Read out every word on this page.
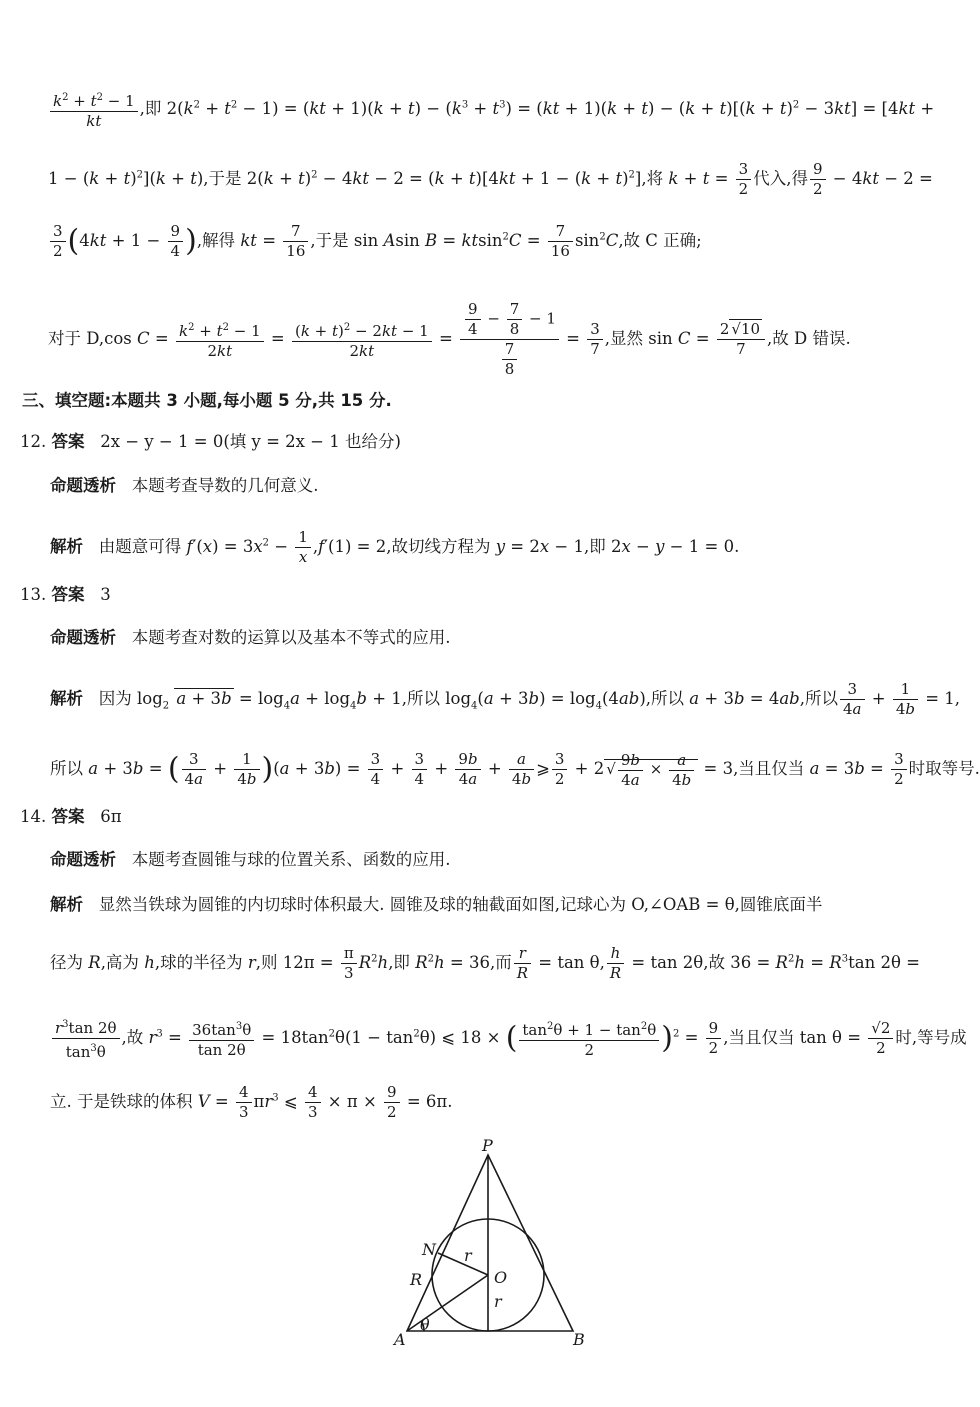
$\frac{k^2 + t^2 - 1}{kt}$ ,即 $2(k^2 + t^2 - 1) = (kt + 1)(k + t) - (k^3 + t^3) = (kt + 1)(k + t) - (k + t)[(k + t)^2 - 3kt] = [4kt$ +
$1 - (k + t)^2](k + t)$,于是 $2(k + t)^2 - 4kt - 2 = (k + t)[4kt + 1 - (k + t)^2]$,将 $k + t = \frac{3}{2}$ 代入,得 $\frac{9}{2} - 4kt - 2$ =
$\frac{3}{2} (4kt + 1 - \frac{9}{4}$ ),解得 kt = $\frac{7}{16}$ ,于是 sin Asin $B = ktsin^2C = \frac{7}{16} \sin^2C$,故 C 正确;
对于 D,cos $C = \frac{k^2 + t^2 - 1}{2kt} = \frac{(k + t)^2 - 2kt - 1}{2kt} = \frac{\frac{9}{4} - \frac{7}{8} - 1}{\frac{7}{8}} = \frac{3}{7}$ ,显然 $\sin C = \frac{2 √10}{7}$ ,故 D 错误.
三、填空题:本题共 3 小题,每小题 5 分,共 15 分.
12. 答案 2x − y − 1 = 0(填 y = 2x − 1 也给分)
命题透析 本题考查导数的几何意义.
解析   由题意可得 $f'(x) = 3x^2 - \frac{1}{x} ,f'(1) = 2$,故切线方程为 y = 2x − 1,即 2x − y − 1 = 0.
13. 答案 3
命题透析 本题考查对数的运算以及基本不等式的应用.
解析   因为 $\log_2 a + 3b = \log_4a + \log_4b + 1$,所以 $\log_4(a + 3b) = \log_4(4ab)$,所以 a + 3b = 4ab,所以 $\frac{3}{4a} + \frac{1}{4b} = 1$,
所以 a + 3b = ( $\frac{3}{4a} + \frac{1}{4b} )(a + 3b) = \frac{3}{4} + \frac{3}{4} + \frac{9b}{4a} + \frac{a}{4b}$ ⩾ $\frac{3}{2} + 2$ √ $\frac{9b}{4a} \times \frac{a}{4b} = 3$,当且仅当 $a = 3b = \frac{3}{2}$ 时取等号.
14. 答案 6π
命题透析 本题考查圆锥与球的位置关系、函数的应用.
解析 显然当铁球为圆锥的内切球时体积最大. 圆锥及球的轴截面如图,记球心为 O,∠OAB = θ,圆锥底面半
径为 R,高为 h,球的半径为 r,则 $12\pi = \frac{\pi}{3} R^2h$,即 $R^2h = 36$,而 $\frac{r}{R} = \tan \theta$, $\frac{h}{R} = \tan 2\theta$,故 $36 = R^2h = R^3\tan$ 2θ =
$\frac{r^3\tan 2\theta}{\tan^3\theta}$ ,故 $r^3 = \frac{36\tan^3\theta}{\tan 2\theta} = 18\tan^2\theta(1 - \tan^2\theta)$ ⩽ 18 × ( $\frac{\tan^2\theta + 1 - \tan^2\theta}{2} )^2 = \frac{9}{2}$ ,当且仅当 $\tan \theta = \frac{√2}{2}$ 时,等号成
立. 于是铁球的体积 $V = \frac{4}{3} \pi r^3$ ⩽ $\frac{4}{3} \times \pi \times \frac{9}{2} = 6\pi$.
P
N r
R	O
r
A
θ
B
